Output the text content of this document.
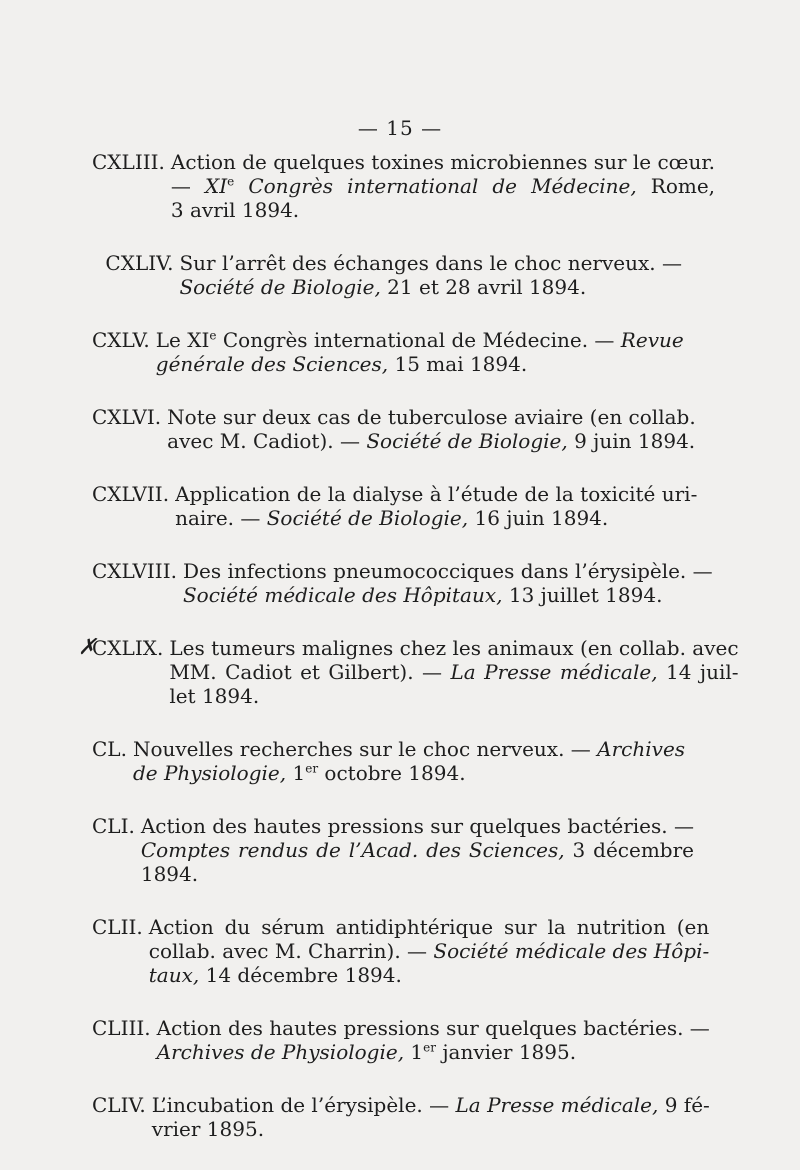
— 15 —
CXLIII. Action de quelques toxines microbiennes sur le cœur.
— XIe Congrès international de Médecine, Rome,
3 avril 1894.
CXLIV. Sur l’arrêt des échanges dans le choc nerveux. —
Société de Biologie, 21 et 28 avril 1894.
CXLV. Le XIe Congrès international de Médecine. — Revue
générale des Sciences, 15 mai 1894.
CXLVI. Note sur deux cas de tuberculose aviaire (en collab.
avec M. Cadiot). — Société de Biologie, 9 juin 1894.
CXLVII. Application de la dialyse à l’étude de la toxicité uri-
naire. — Société de Biologie, 16 juin 1894.
CXLVIII. Des infections pneumococciques dans l’érysipèle. —
Société médicale des Hôpitaux, 13 juillet 1894.
CXLIX.
✗	Les tumeurs malignes chez les animaux (en collab. avec
MM. Cadiot et Gilbert). — La Presse médicale, 14 juil-
let 1894.
CL. Nouvelles recherches sur le choc nerveux. — Archives
de Physiologie, 1er octobre 1894.
CLI. Action des hautes pressions sur quelques bactéries. —
Comptes rendus de l’Acad. des Sciences, 3 décembre
1894.
CLII. Action du sérum antidiphtérique sur la nutrition (en
collab. avec M. Charrin). — Société médicale des Hôpi-
taux, 14 décembre 1894.
CLIII. Action des hautes pressions sur quelques bactéries. —
Archives de Physiologie, 1er janvier 1895.
CLIV. L’incubation de l’érysipèle. — La Presse médicale, 9 fé-
vrier 1895.
